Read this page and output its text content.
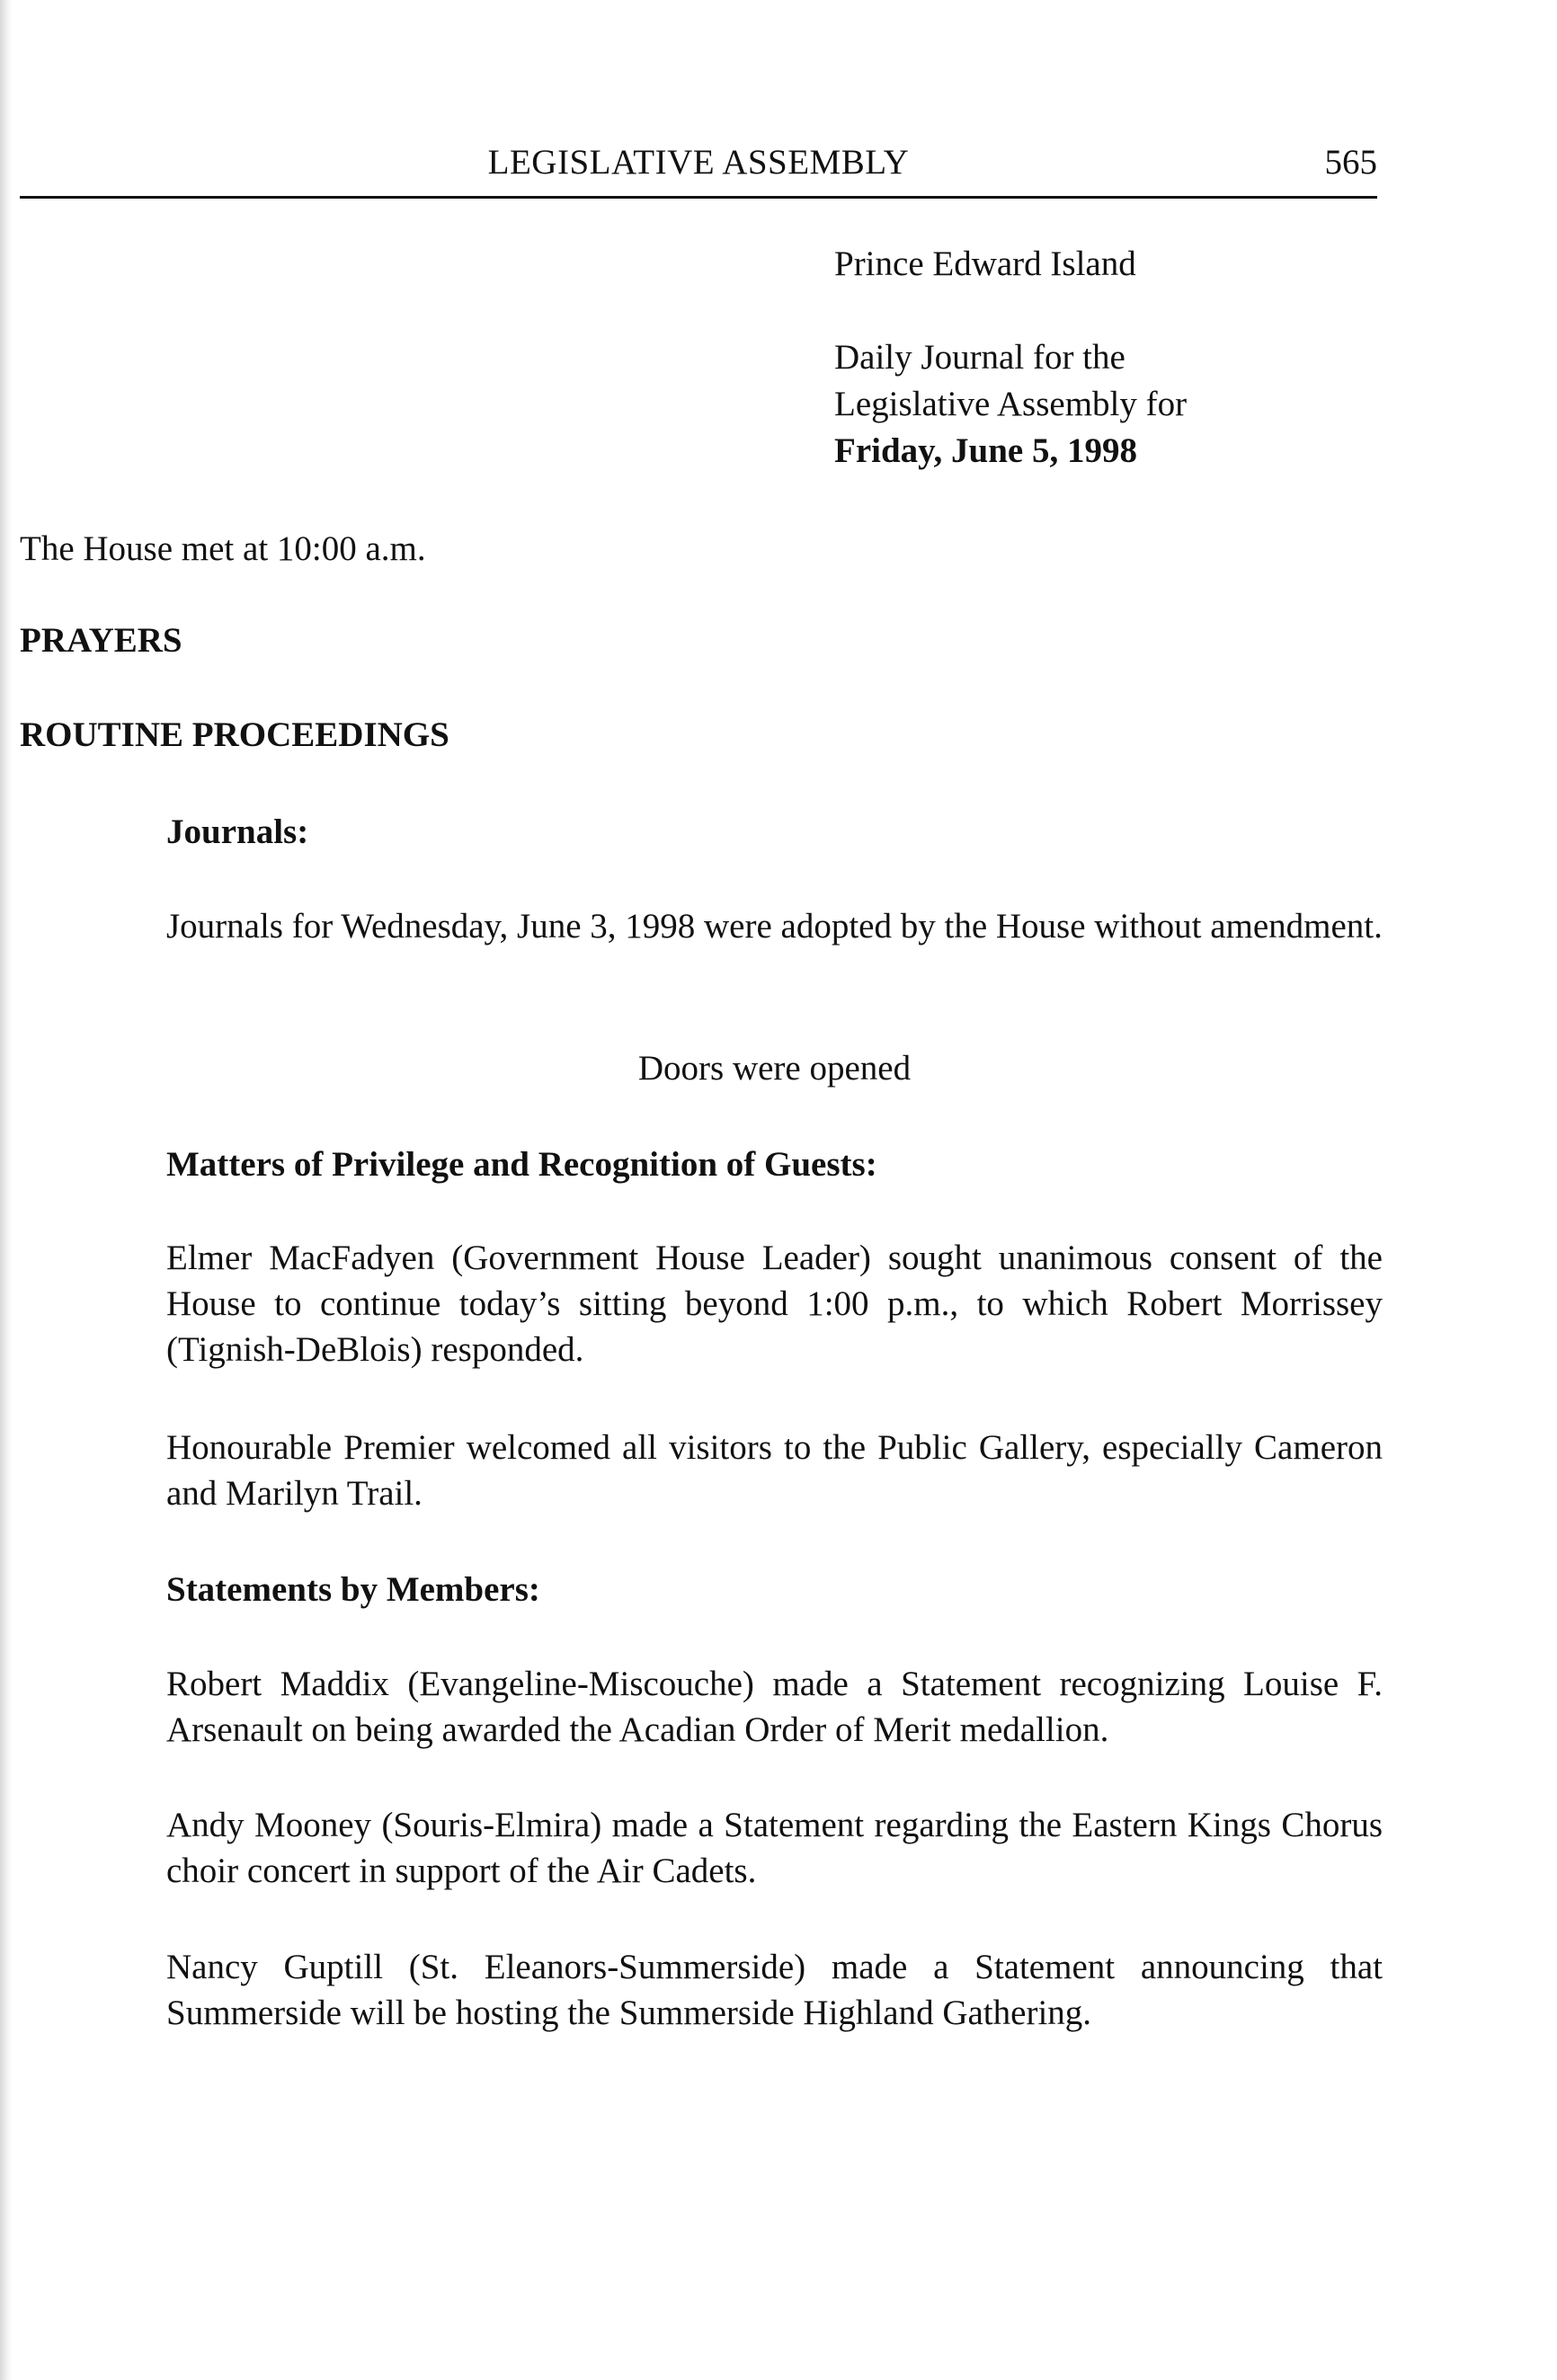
LEGISLATIVE ASSEMBLY	565
Prince Edward Island
Daily Journal for the
Legislative Assembly for
Friday, June 5, 1998
The House met at 10:00 a.m.
PRAYERS
ROUTINE PROCEEDINGS
Journals:
Journals for Wednesday, June 3, 1998 were adopted by the House without amendment.
Doors were opened
Matters of Privilege and Recognition of Guests:
Elmer MacFadyen (Government House Leader) sought unanimous consent of the House to continue today’s sitting beyond 1:00 p.m., to which Robert Morrissey (Tignish-DeBlois) responded.
Honourable Premier welcomed all visitors to the Public Gallery, especially Cameron and Marilyn Trail.
Statements by Members:
Robert Maddix (Evangeline-Miscouche) made a Statement recognizing Louise F. Arsenault on being awarded the Acadian Order of Merit medallion.
Andy Mooney (Souris-Elmira) made a Statement regarding the Eastern Kings Chorus choir concert in support of the Air Cadets.
Nancy Guptill (St. Eleanors-Summerside) made a Statement announcing that Summerside will be hosting the Summerside Highland Gathering.
